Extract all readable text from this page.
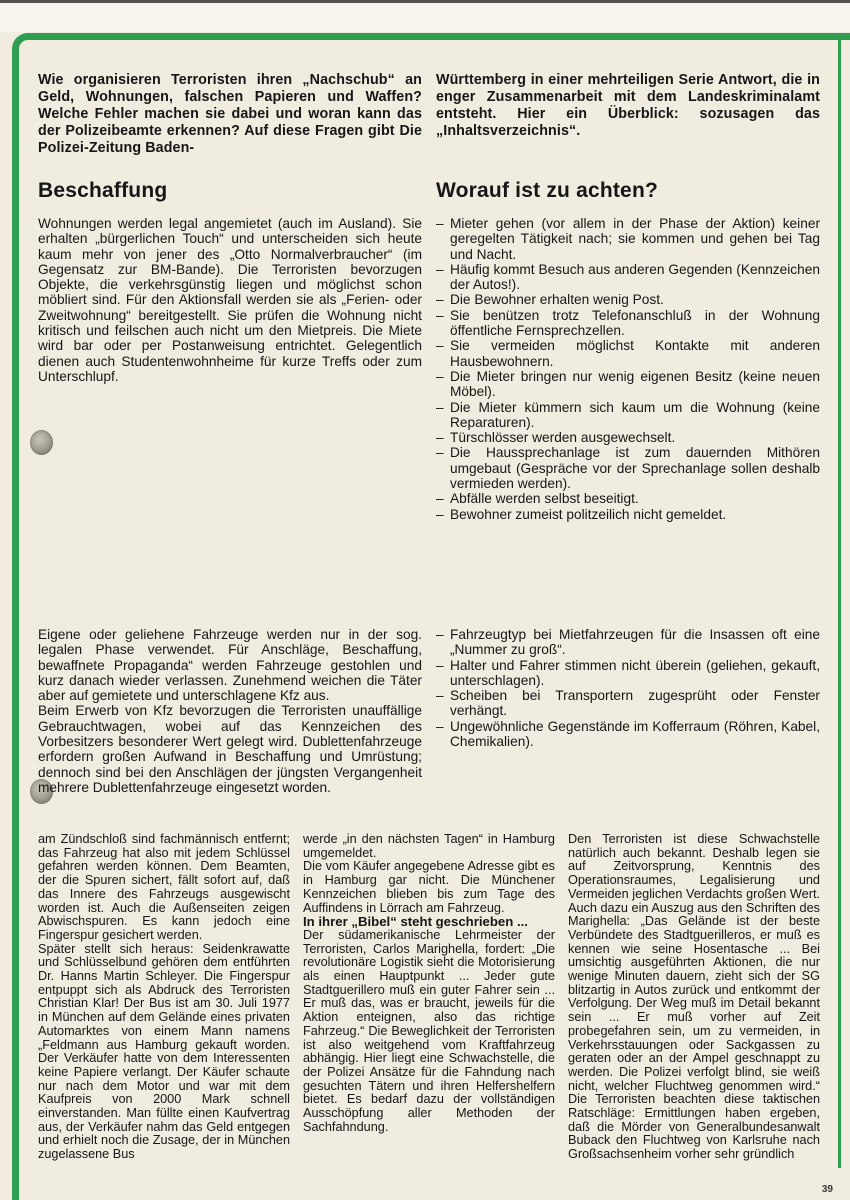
Wie organisieren Terroristen ihren „Nachschub“ an Geld, Wohnungen, falschen Papieren und Waffen? Welche Fehler machen sie dabei und woran kann das der Polizeibeamte erkennen? Auf diese Fragen gibt Die Polizei-Zeitung Baden-

Württemberg in einer mehrteiligen Serie Antwort, die in enger Zusammenarbeit mit dem Landeskriminalamt entsteht. Hier ein Überblick: sozusagen das „Inhaltsverzeichnis“.

Beschaffung

Wohnungen werden legal angemietet (auch im Ausland). Sie erhalten „bürgerlichen Touch“ und unterscheiden sich heute kaum mehr von jener des „Otto Normalverbraucher“ (im Gegensatz zur BM-Bande). Die Terroristen bevorzugen Objekte, die verkehrsgünstig liegen und möglichst schon möbliert sind. Für den Aktionsfall werden sie als „Ferien- oder Zweitwohnung“ bereitgestellt. Sie prüfen die Wohnung nicht kritisch und feilschen auch nicht um den Mietpreis. Die Miete wird bar oder per Postanweisung entrichtet. Gelegentlich dienen auch Studentenwohnheime für kurze Treffs oder zum Unterschlupf.

Worauf ist zu achten?

– Mieter gehen (vor allem in der Phase der Aktion) keiner geregelten Tätigkeit nach; sie kommen und gehen bei Tag und Nacht.

– Häufig kommt Besuch aus anderen Gegenden (Kennzeichen der Autos!).

– Die Bewohner erhalten wenig Post.

– Sie benützen trotz Telefonanschluß in der Wohnung öffentliche Fernsprechzellen.

– Sie vermeiden möglichst Kontakte mit anderen Hausbewohnern.

– Die Mieter bringen nur wenig eigenen Besitz (keine neuen Möbel).

– Die Mieter kümmern sich kaum um die Wohnung (keine Reparaturen).

– Türschlösser werden ausgewechselt.

– Die Haussprechanlage ist zum dauernden Mithören umgebaut (Gespräche vor der Sprechanlage sollen deshalb vermieden werden).

– Abfälle werden selbst beseitigt.

– Bewohner zumeist politzeilich nicht gemeldet.

Eigene oder geliehene Fahrzeuge werden nur in der sog. legalen Phase verwendet. Für Anschläge, Beschaffung, bewaffnete Propaganda“ werden Fahrzeuge gestohlen und kurz danach wieder verlassen. Zunehmend weichen die Täter aber auf gemietete und unterschlagene Kfz aus.

Beim Erwerb von Kfz bevorzugen die Terroristen unauffällige Gebrauchtwagen, wobei auf das Kennzeichen des Vorbesitzers besonderer Wert gelegt wird. Dublettenfahrzeuge erfordern großen Aufwand in Beschaffung und Umrüstung; dennoch sind bei den Anschlägen der jüngsten Vergangenheit mehrere Dublettenfahrzeuge eingesetzt worden.

– Fahrzeugtyp bei Mietfahrzeugen für die Insassen oft eine „Nummer zu groß“.

– Halter und Fahrer stimmen nicht überein (geliehen, gekauft, unterschlagen).

– Scheiben bei Transportern zugesprüht oder Fenster verhängt.

– Ungewöhnliche Gegenstände im Kofferraum (Röhren, Kabel, Chemikalien).

am Zündschloß sind fachmännisch entfernt; das Fahrzeug hat also mit jedem Schlüssel gefahren werden können. Dem Beamten, der die Spuren sichert, fällt sofort auf, daß das Innere des Fahrzeugs ausgewischt worden ist. Auch die Außenseiten zeigen Abwischspuren. Es kann jedoch eine Fingerspur gesichert werden.

Später stellt sich heraus: Seidenkrawatte und Schlüsselbund gehören dem entführten Dr. Hanns Martin Schleyer. Die Fingerspur entpuppt sich als Abdruck des Terroristen Christian Klar! Der Bus ist am 30. Juli 1977 in München auf dem Gelände eines privaten Automarktes von einem Mann namens „Feldmann aus Hamburg gekauft worden. Der Verkäufer hatte von dem Interessenten keine Papiere verlangt. Der Käufer schaute nur nach dem Motor und war mit dem Kaufpreis von 2000 Mark schnell einverstanden. Man füllte einen Kaufvertrag aus, der Verkäufer nahm das Geld entgegen und erhielt noch die Zusage, der in München zugelassene Bus

werde „in den nächsten Tagen“ in Hamburg umgemeldet.

Die vom Käufer angegebene Adresse gibt es in Hamburg gar nicht. Die Münchener Kennzeichen blieben bis zum Tage des Auffindens in Lörrach am Fahrzeug.

In ihrer „Bibel“ steht geschrieben ...

Der südamerikanische Lehrmeister der Terroristen, Carlos Marighella, fordert: „Die revolutionäre Logistik sieht die Motorisierung als einen Hauptpunkt ... Jeder gute Stadtguerillero muß ein guter Fahrer sein ... Er muß das, was er braucht, jeweils für die Aktion enteignen, also das richtige Fahrzeug.“ Die Beweglichkeit der Terroristen ist also weitgehend vom Kraftfahrzeug abhängig. Hier liegt eine Schwachstelle, die der Polizei Ansätze für die Fahndung nach gesuchten Tätern und ihren Helfershelfern bietet. Es bedarf dazu der vollständigen Ausschöpfung aller Methoden der Sachfahndung.

Den Terroristen ist diese Schwachstelle natürlich auch bekannt. Deshalb legen sie auf Zeitvorsprung, Kenntnis des Operationsraumes, Legalisierung und Vermeiden jeglichen Verdachts großen Wert. Auch dazu ein Auszug aus den Schriften des Marighella: „Das Gelände ist der beste Verbündete des Stadtguerilleros, er muß es kennen wie seine Hosentasche ... Bei umsichtig ausgeführten Aktionen, die nur wenige Minuten dauern, zieht sich der SG blitzartig in Autos zurück und entkommt der Verfolgung. Der Weg muß im Detail bekannt sein ... Er muß vorher auf Zeit probegefahren sein, um zu vermeiden, in Verkehrsstauungen oder Sackgassen zu geraten oder an der Ampel geschnappt zu werden. Die Polizei verfolgt blind, sie weiß nicht, welcher Fluchtweg genommen wird.“ Die Terroristen beachten diese taktischen Ratschläge: Ermittlungen haben ergeben, daß die Mörder von Generalbundesanwalt Buback den Fluchtweg von Karlsruhe nach Großsachsenheim vorher sehr gründlich

39
